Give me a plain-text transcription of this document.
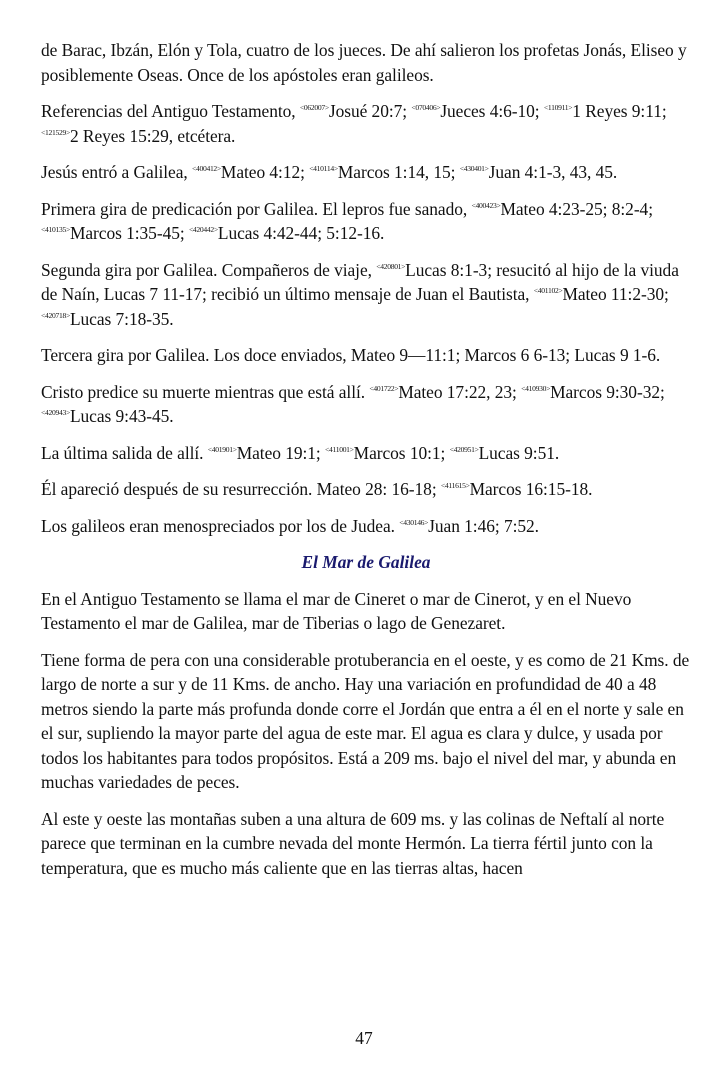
de Barac, Ibzán, Elón y Tola, cuatro de los jueces. De ahí salieron los profetas Jonás, Eliseo y posiblemente Oseas. Once de los apóstoles eran galileos.

Referencias del Antiguo Testamento, $^{<062007>}$Josué 20:7; $^{<070406>}$Jueces 4:6-10; $^{<110911>}$1 Reyes 9:11; $^{<121529>}$2 Reyes 15:29, etcétera.

Jesús entró a Galilea, $^{<400412>}$Mateo 4:12; $^{<410114>}$Marcos 1:14, 15; $^{<430401>}$Juan 4:1-3, 43, 45.

Primera gira de predicación por Galilea. El lepros fue sanado, $^{<400423>}$Mateo 4:23-25; 8:2-4; $^{<410135>}$Marcos 1:35-45; $^{<420442>}$Lucas 4:42-44; 5:12-16.

Segunda gira por Galilea. Compañeros de viaje, $^{<420801>}$Lucas 8:1-3; resucitó al hijo de la viuda de Naín, Lucas 7 11-17; recibió un último mensaje de Juan el Bautista, $^{<401102>}$Mateo 11:2-30; $^{<420718>}$Lucas 7:18-35.

Tercera gira por Galilea. Los doce enviados, Mateo 9—11:1; Marcos 6 6-13; Lucas 9 1-6.

Cristo predice su muerte mientras que está allí. $^{<401722>}$Mateo 17:22, 23; $^{<410930>}$Marcos 9:30-32; $^{<420943>}$Lucas 9:43-45.

La última salida de allí. $^{<401901>}$Mateo 19:1; $^{<411001>}$Marcos 10:1; $^{<420951>}$Lucas 9:51.

Él apareció después de su resurrección. Mateo 28: 16-18; $^{<411615>}$Marcos 16:15-18.

Los galileos eran menospreciados por los de Judea. $^{<430146>}$Juan 1:46; 7:52.

El Mar de Galilea

En el Antiguo Testamento se llama el mar de Cineret o mar de Cinerot, y en el Nuevo Testamento el mar de Galilea, mar de Tiberias o lago de Genezaret.

Tiene forma de pera con una considerable protuberancia en el oeste, y es como de 21 Kms. de largo de norte a sur y de 11 Kms. de ancho. Hay una variación en profundidad de 40 a 48 metros siendo la parte más profunda donde corre el Jordán que entra a él en el norte y sale en el sur, supliendo la mayor parte del agua de este mar. El agua es clara y dulce, y usada por todos los habitantes para todos propósitos. Está a 209 ms. bajo el nivel del mar, y abunda en muchas variedades de peces.

Al este y oeste las montañas suben a una altura de 609 ms. y las colinas de Neftalí al norte parece que terminan en la cumbre nevada del monte Hermón. La tierra fértil junto con la temperatura, que es mucho más caliente que en las tierras altas, hacen

47
